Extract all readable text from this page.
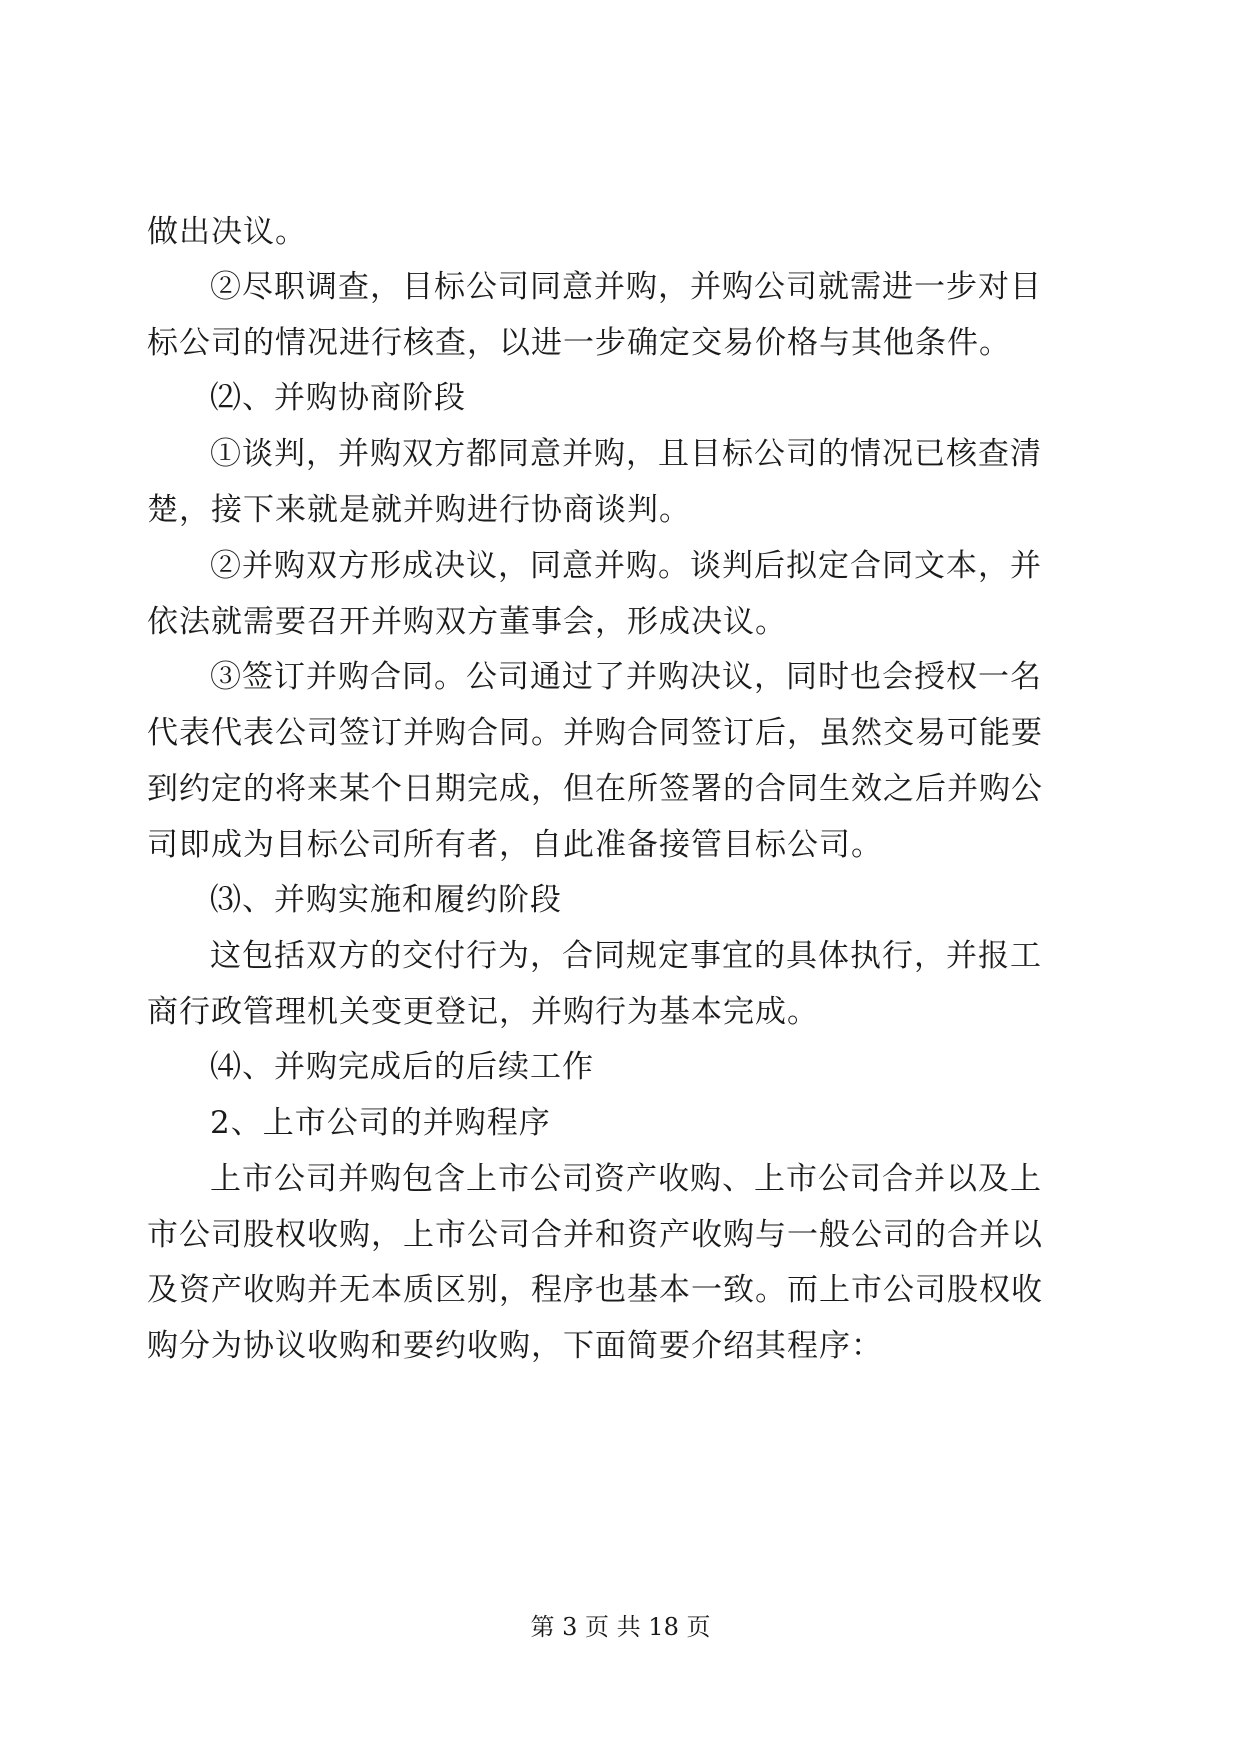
做出决议。
②尽职调查，目标公司同意并购，并购公司就需进一步对目
标公司的情况进行核查，以进一步确定交易价格与其他条件。
⑵、并购协商阶段
①谈判，并购双方都同意并购，且目标公司的情况已核查清
楚，接下来就是就并购进行协商谈判。
②并购双方形成决议，同意并购。谈判后拟定合同文本，并
依法就需要召开并购双方董事会，形成决议。
③签订并购合同。公司通过了并购决议，同时也会授权一名
代表代表公司签订并购合同。并购合同签订后，虽然交易可能要
到约定的将来某个日期完成，但在所签署的合同生效之后并购公
司即成为目标公司所有者，自此准备接管目标公司。
⑶、并购实施和履约阶段
这包括双方的交付行为，合同规定事宜的具体执行，并报工
商行政管理机关变更登记，并购行为基本完成。
⑷、并购完成后的后续工作
2、上市公司的并购程序
上市公司并购包含上市公司资产收购、上市公司合并以及上
市公司股权收购，上市公司合并和资产收购与一般公司的合并以
及资产收购并无本质区别，程序也基本一致。而上市公司股权收
购分为协议收购和要约收购，下面简要介绍其程序：
第 3 页 共 18 页
